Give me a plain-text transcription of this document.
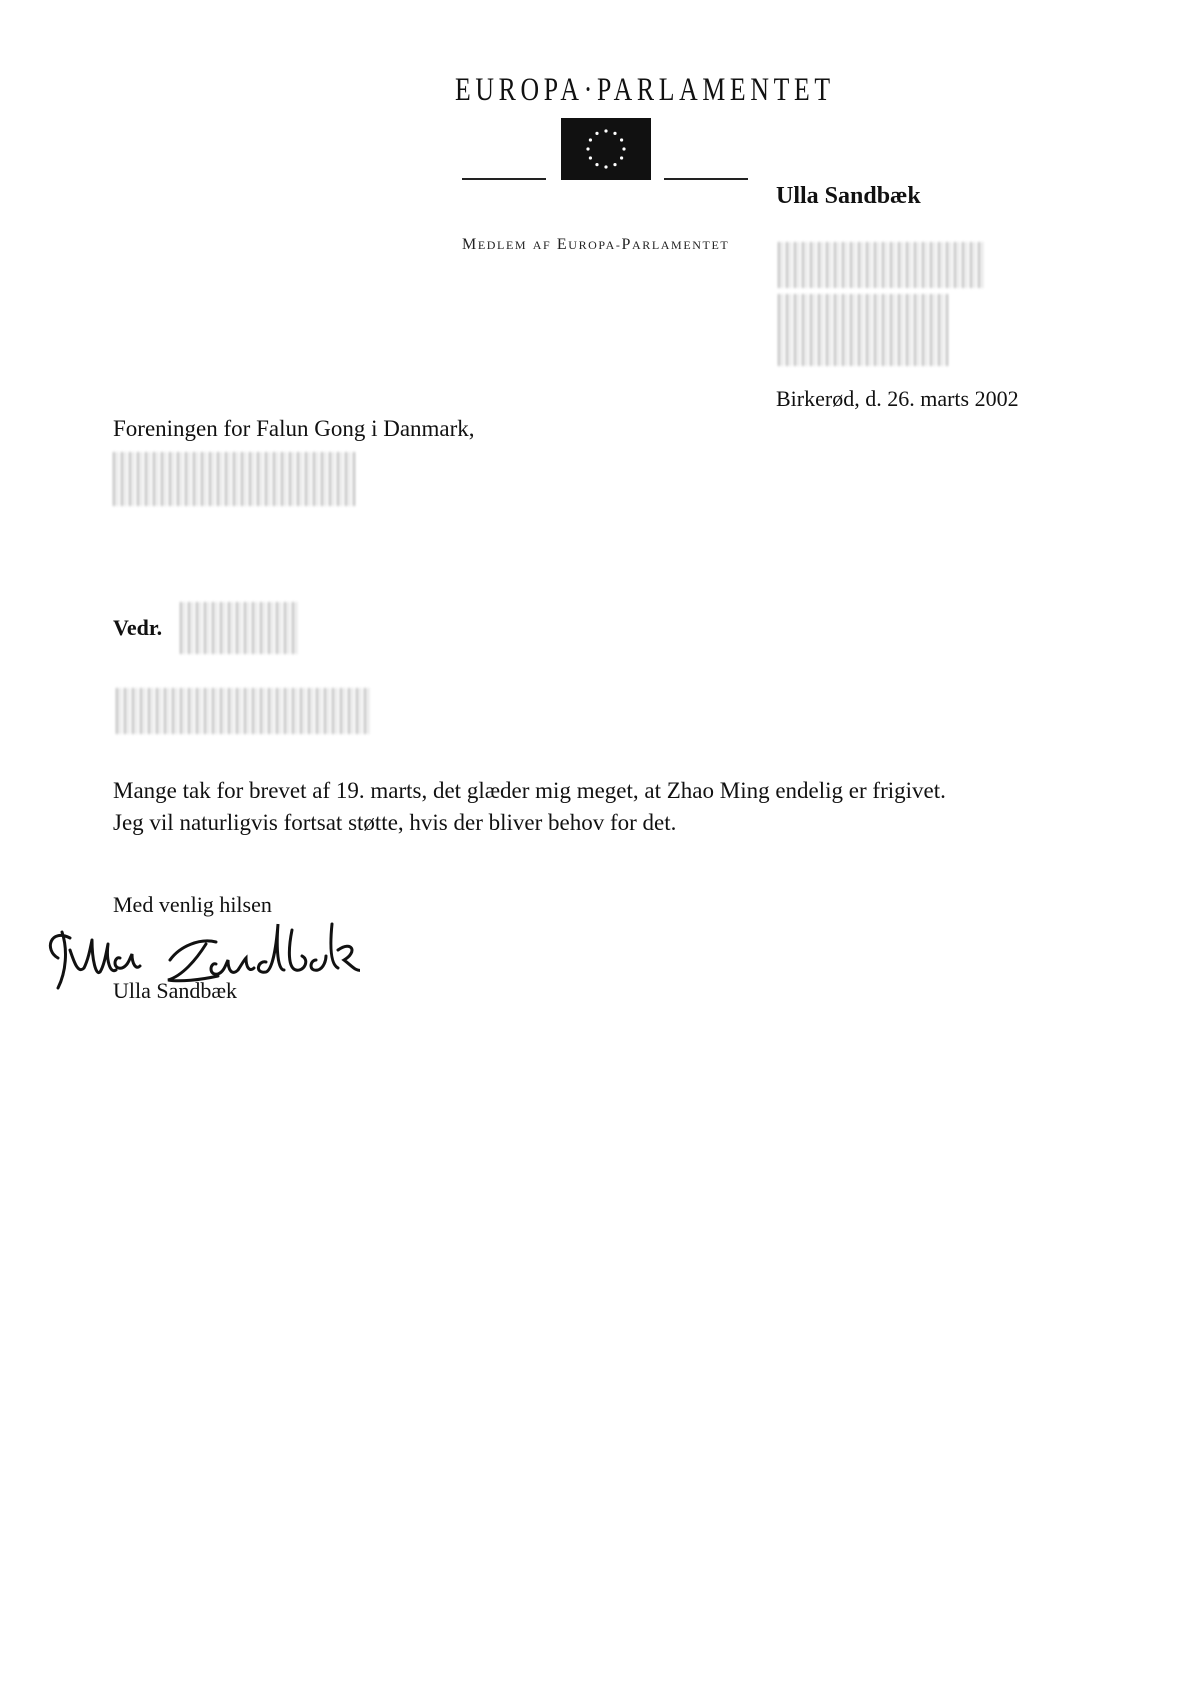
EUROPA·PARLAMENTET
MEDLEM AF EUROPA-PARLAMENTET
Ulla Sandbæk
Birkerød, d. 26. marts 2002
Foreningen for Falun Gong i Danmark,
Vedr.
Mange tak for brevet af 19. marts, det glæder mig meget, at Zhao Ming endelig er frigivet.
Jeg vil naturligvis fortsat støtte, hvis der bliver behov for det.
Med venlig hilsen
Ulla Sandbæk
